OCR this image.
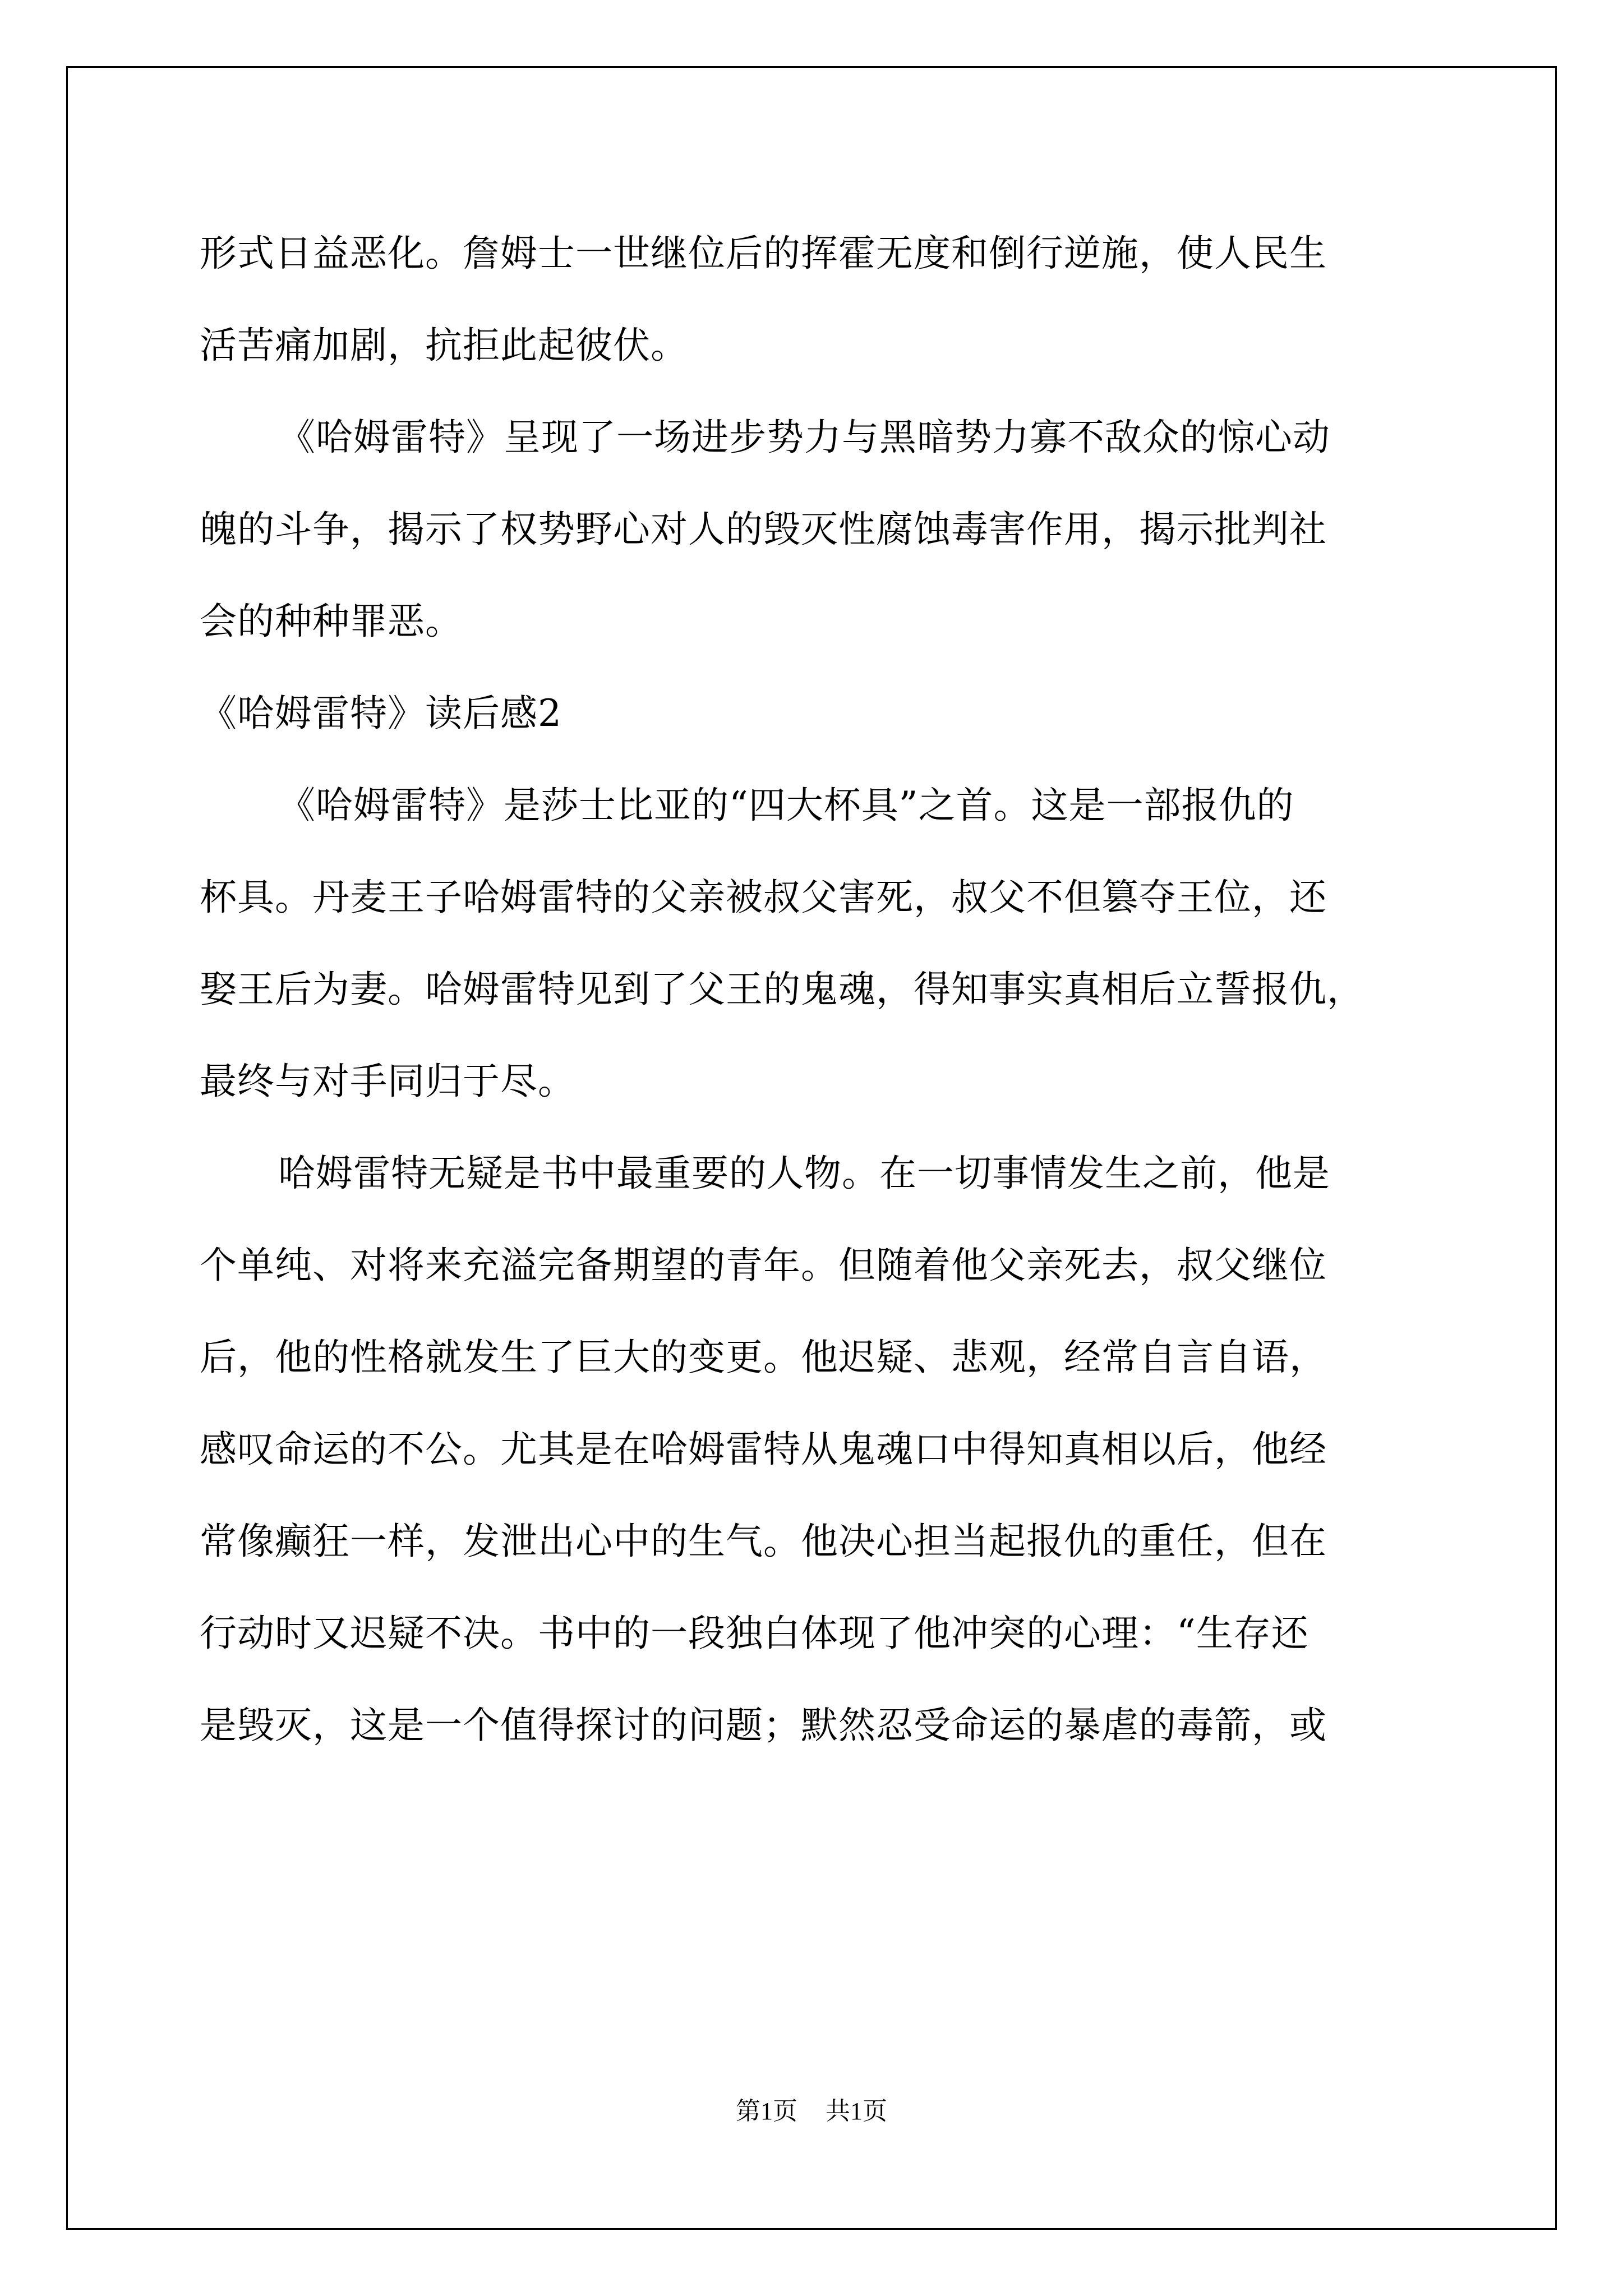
形式日益恶化。詹姆士一世继位后的挥霍无度和倒行逆施，使人民生
活苦痛加剧，抗拒此起彼伏。
《哈姆雷特》呈现了一场进步势力与黑暗势力寡不敌众的惊心动
魄的斗争，揭示了权势野心对人的毁灭性腐蚀毒害作用，揭示批判社
会的种种罪恶。
《哈姆雷特》读后感2
《哈姆雷特》是莎士比亚的“四大杯具”之首。这是一部报仇的
杯具。丹麦王子哈姆雷特的父亲被叔父害死，叔父不但篡夺王位，还
娶王后为妻。哈姆雷特见到了父王的鬼魂，得知事实真相后立誓报仇，
最终与对手同归于尽。
哈姆雷特无疑是书中最重要的人物。在一切事情发生之前，他是
个单纯、对将来充溢完备期望的青年。但随着他父亲死去，叔父继位
后，他的性格就发生了巨大的变更。他迟疑、悲观，经常自言自语，
感叹命运的不公。尤其是在哈姆雷特从鬼魂口中得知真相以后，他经
常像癫狂一样，发泄出心中的生气。他决心担当起报仇的重任，但在
行动时又迟疑不决。书中的一段独白体现了他冲突的心理：“生存还
是毁灭，这是一个值得探讨的问题；默然忍受命运的暴虐的毒箭，或
第1页 共1页
